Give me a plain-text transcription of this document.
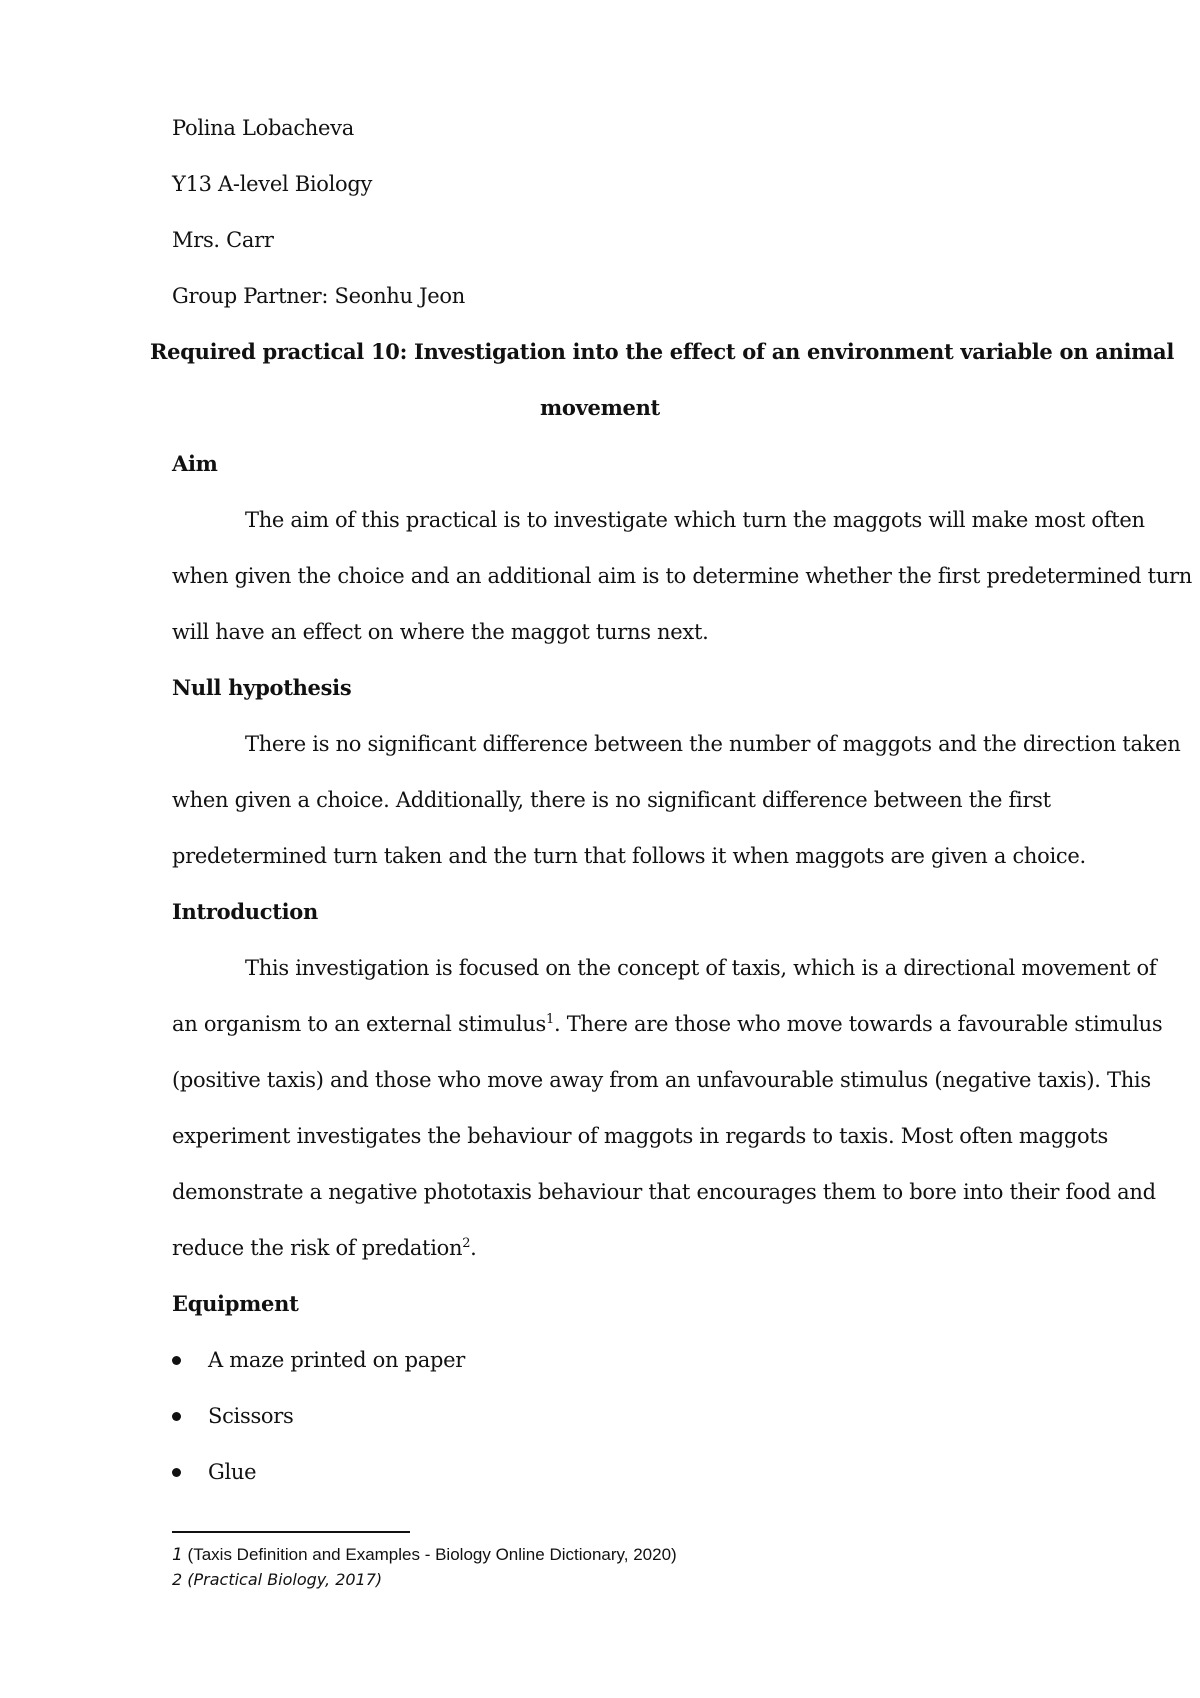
Polina Lobacheva
Y13 A-level Biology
Mrs. Carr
Group Partner: Seonhu Jeon
Required practical 10: Investigation into the effect of an environment variable on animal
movement
Aim
The aim of this practical is to investigate which turn the maggots will make most often
when given the choice and an additional aim is to determine whether the first predetermined turn
will have an effect on where the maggot turns next.
Null hypothesis
There is no significant difference between the number of maggots and the direction taken
when given a choice. Additionally, there is no significant difference between the first
predetermined turn taken and the turn that follows it when maggots are given a choice.
Introduction
This investigation is focused on the concept of taxis, which is a directional movement of
an organism to an external stimulus$^1$. There are those who move towards a favourable stimulus
(positive taxis) and those who move away from an unfavourable stimulus (negative taxis). This
experiment investigates the behaviour of maggots in regards to taxis. Most often maggots
demonstrate a negative phototaxis behaviour that encourages them to bore into their food and
reduce the risk of predation$^2$.
Equipment
A maze printed on paper
Scissors
Glue
1 (Taxis Definition and Examples - Biology Online Dictionary, 2020)
2 (Practical Biology, 2017)
